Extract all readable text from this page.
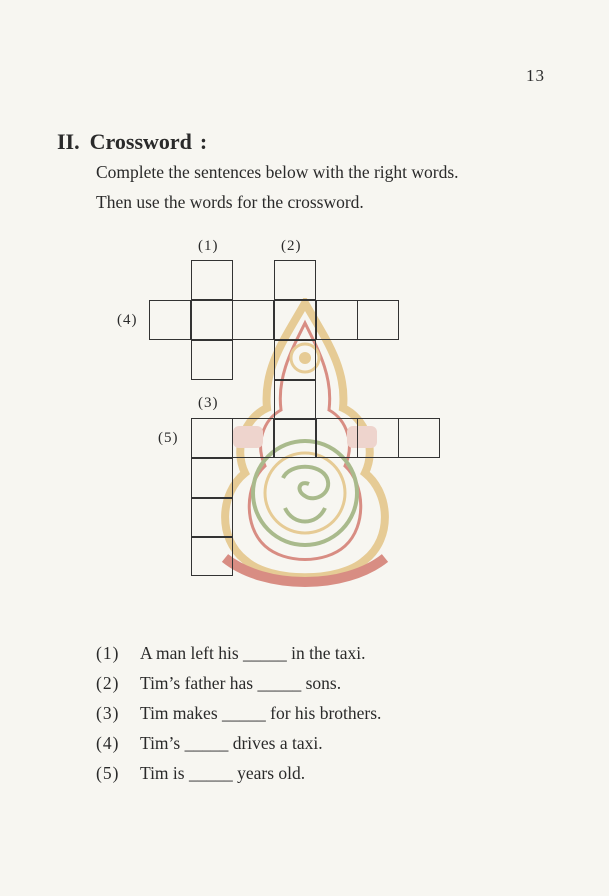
13
II. Crossword :
Complete the sentences below with the right words.
Then use the words for the crossword.
(1)	(2)
(4)
(3)
(5)
(1) A man left his _____ in the taxi.
(2) Tim’s father has _____ sons.
(3) Tim makes _____ for his brothers.
(4) Tim’s _____ drives a taxi.
(5) Tim is _____ years old.
